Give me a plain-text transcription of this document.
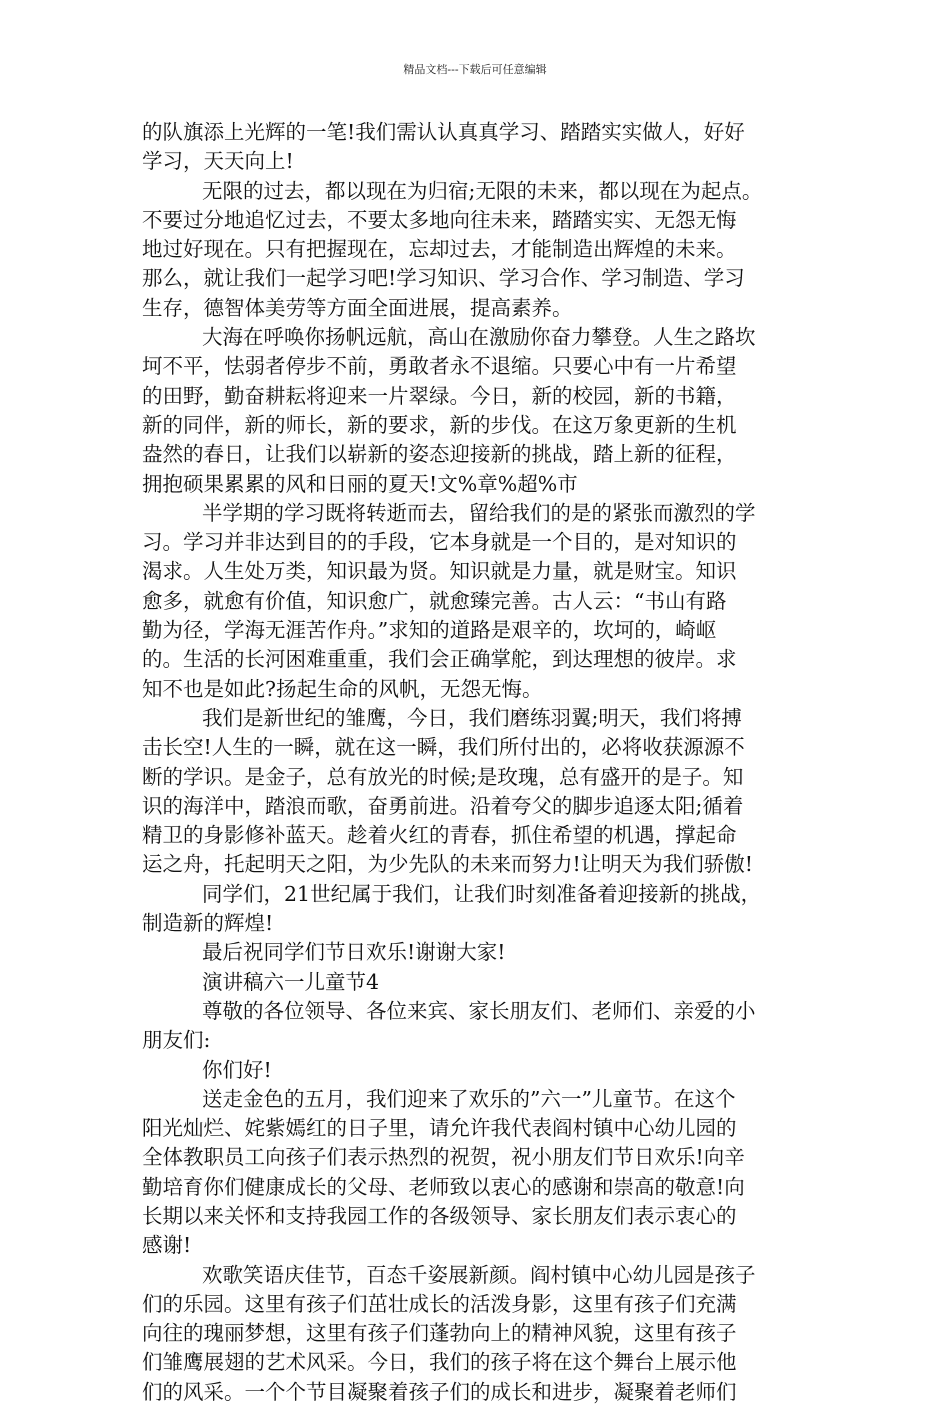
精品文档---下载后可任意编辑
的队旗添上光辉的一笔!我们需认认真真学习、踏踏实实做人，好好
学习，天天向上!
无限的过去，都以现在为归宿;无限的未来，都以现在为起点。
不要过分地追忆过去，不要太多地向往未来，踏踏实实、无怨无悔
地过好现在。只有把握现在，忘却过去，才能制造出辉煌的未来。
那么，就让我们一起学习吧!学习知识、学习合作、学习制造、学习
生存，德智体美劳等方面全面进展，提高素养。
大海在呼唤你扬帆远航，高山在激励你奋力攀登。人生之路坎
坷不平，怯弱者停步不前，勇敢者永不退缩。只要心中有一片希望
的田野，勤奋耕耘将迎来一片翠绿。今日，新的校园，新的书籍，
新的同伴，新的师长，新的要求，新的步伐。在这万象更新的生机
盎然的春日，让我们以崭新的姿态迎接新的挑战，踏上新的征程，
拥抱硕果累累的风和日丽的夏天!文%章%超%市
半学期的学习既将转逝而去，留给我们的是的紧张而激烈的学
习。学习并非达到目的的手段，它本身就是一个目的，是对知识的
渴求。人生处万类，知识最为贤。知识就是力量，就是财宝。知识
愈多，就愈有价值，知识愈广，就愈臻完善。古人云：“书山有路
勤为径，学海无涯苦作舟。”求知的道路是艰辛的，坎坷的，崎岖
的。生活的长河困难重重，我们会正确掌舵，到达理想的彼岸。求
知不也是如此?扬起生命的风帆，无怨无悔。
我们是新世纪的雏鹰，今日，我们磨练羽翼;明天，我们将搏
击长空!人生的一瞬，就在这一瞬，我们所付出的，必将收获源源不
断的学识。是金子，总有放光的时候;是玫瑰，总有盛开的是子。知
识的海洋中，踏浪而歌，奋勇前进。沿着夸父的脚步追逐太阳;循着
精卫的身影修补蓝天。趁着火红的青春，抓住希望的机遇，撑起命
运之舟，托起明天之阳，为少先队的未来而努力!让明天为我们骄傲!
同学们，21世纪属于我们，让我们时刻准备着迎接新的挑战，
制造新的辉煌!
最后祝同学们节日欢乐!谢谢大家!
演讲稿六一儿童节4
尊敬的各位领导、各位来宾、家长朋友们、老师们、亲爱的小
朋友们:
你们好!
送走金色的五月，我们迎来了欢乐的”六一”儿童节。在这个
阳光灿烂、姹紫嫣红的日子里，请允许我代表阎村镇中心幼儿园的
全体教职员工向孩子们表示热烈的祝贺，祝小朋友们节日欢乐!向辛
勤培育你们健康成长的父母、老师致以衷心的感谢和崇高的敬意!向
长期以来关怀和支持我园工作的各级领导、家长朋友们表示衷心的
感谢!
欢歌笑语庆佳节，百态千姿展新颜。阎村镇中心幼儿园是孩子
们的乐园。这里有孩子们茁壮成长的活泼身影，这里有孩子们充满
向往的瑰丽梦想，这里有孩子们蓬勃向上的精神风貌，这里有孩子
们雏鹰展翅的艺术风采。今日，我们的孩子将在这个舞台上展示他
们的风采。一个个节目凝聚着孩子们的成长和进步，凝聚着老师们
